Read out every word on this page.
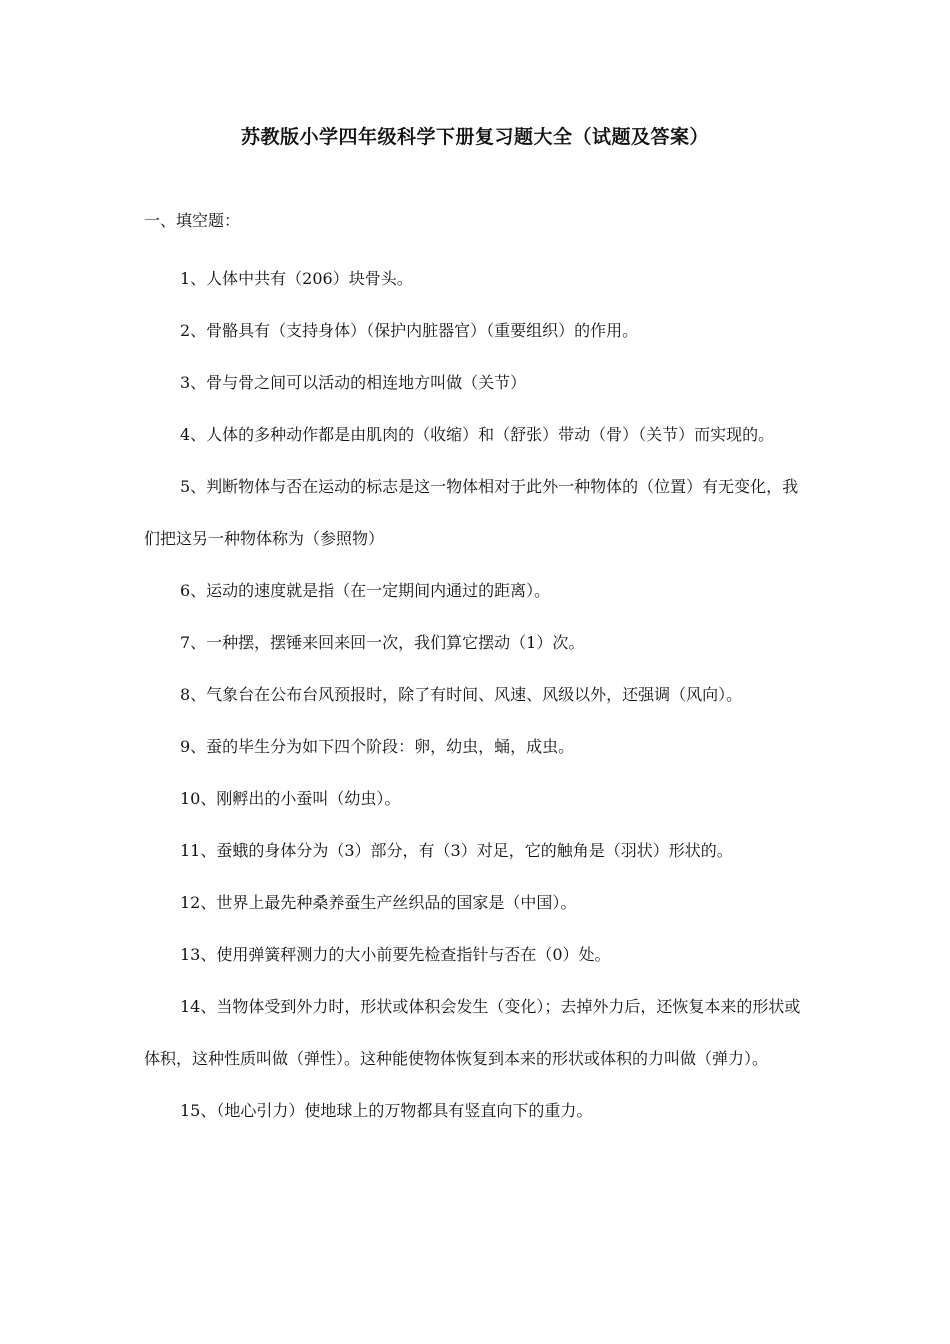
苏教版小学四年级科学下册复习题大全（试题及答案）

一、填空题：

1、人体中共有（206）块骨头。

2、骨骼具有（支持身体）（保护内脏器官）（重要组织）的作用。

3、骨与骨之间可以活动的相连地方叫做（关节）

4、人体的多种动作都是由肌肉的（收缩）和（舒张）带动（骨）（关节）而实现的。

5、判断物体与否在运动的标志是这一物体相对于此外一种物体的（位置）有无变化，我们把这另一种物体称为（参照物）

6、运动的速度就是指（在一定期间内通过的距离）。

7、一种摆，摆锤来回来回一次，我们算它摆动（1）次。

8、气象台在公布台风预报时，除了有时间、风速、风级以外，还强调（风向）。

9、蚕的毕生分为如下四个阶段：卵，幼虫，蛹，成虫。

10、刚孵出的小蚕叫（幼虫）。

11、蚕蛾的身体分为（3）部分，有（3）对足，它的触角是（羽状）形状的。

12、世界上最先种桑养蚕生产丝织品的国家是（中国）。

13、使用弹簧秤测力的大小前要先检查指针与否在（0）处。

14、当物体受到外力时，形状或体积会发生（变化）；去掉外力后，还恢复本来的形状或体积，这种性质叫做（弹性）。这种能使物体恢复到本来的形状或体积的力叫做（弹力）。

15、（地心引力）使地球上的万物都具有竖直向下的重力。
